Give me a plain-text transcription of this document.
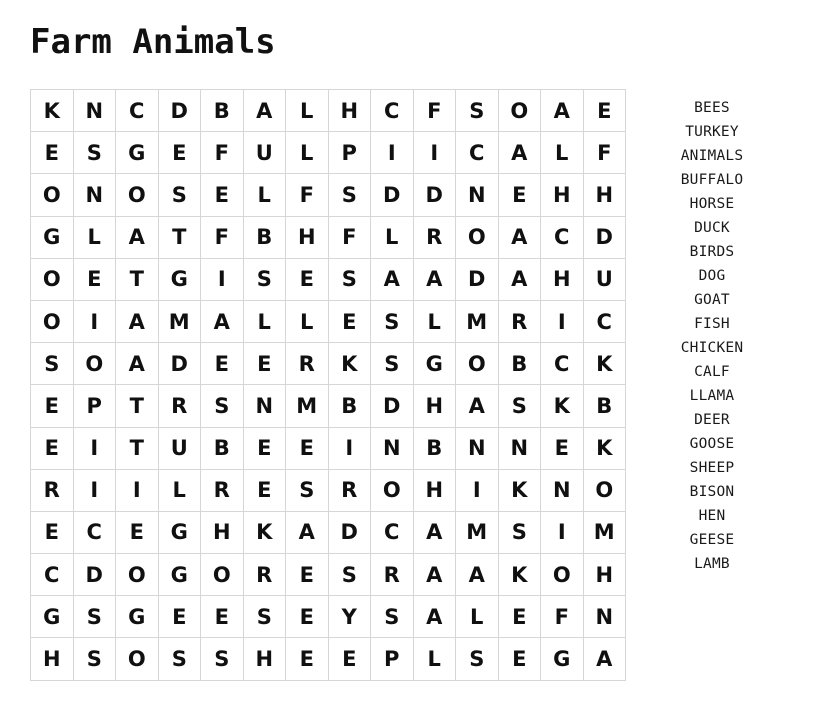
Farm Animals
K	N	C	D	B	A	L	H	C	F	S	O	A	E
E	S	G	E	F	U	L	P	I	I	C	A	L	F
O	N	O	S	E	L	F	S	D	D	N	E	H	H
G	L	A	T	F	B	H	F	L	R	O	A	C	D
O	E	T	G	I	S	E	S	A	A	D	A	H	U
O	I	A	M	A	L	L	E	S	L	M	R	I	C
S	O	A	D	E	E	R	K	S	G	O	B	C	K
E	P	T	R	S	N	M	B	D	H	A	S	K	B
E	I	T	U	B	E	E	I	N	B	N	N	E	K
R	I	I	L	R	E	S	R	O	H	I	K	N	O
E	C	E	G	H	K	A	D	C	A	M	S	I	M
C	D	O	G	O	R	E	S	R	A	A	K	O	H
G	S	G	E	E	S	E	Y	S	A	L	E	F	N
H	S	O	S	S	H	E	E	P	L	S	E	G	A
BEES
TURKEY
ANIMALS
BUFFALO
HORSE
DUCK
BIRDS
DOG
GOAT
FISH
CHICKEN
CALF
LLAMA
DEER
GOOSE
SHEEP
BISON
HEN
GEESE
LAMB
